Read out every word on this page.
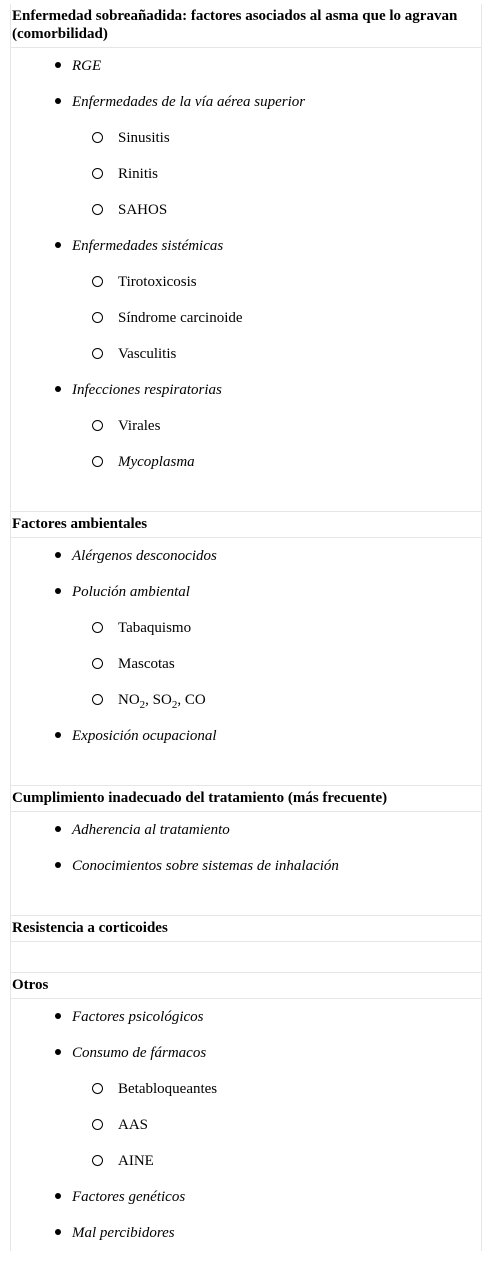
Enfermedad sobreañadida: factores asociados al asma que lo agravan (comorbilidad)
RGE
Enfermedades de la vía aérea superior
Sinusitis
Rinitis
SAHOS
Enfermedades sistémicas
Tirotoxicosis
Síndrome carcinoide
Vasculitis
Infecciones respiratorias
Virales
Mycoplasma
Factores ambientales
Alérgenos desconocidos
Polución ambiental
Tabaquismo
Mascotas
$NO_2$, $SO_2$, CO
Exposición ocupacional
Cumplimiento inadecuado del tratamiento (más frecuente)
Adherencia al tratamiento
Conocimientos sobre sistemas de inhalación
Resistencia a corticoides
Otros
Factores psicológicos
Consumo de fármacos
Betabloqueantes
AAS
AINE
Factores genéticos
Mal percibidores
